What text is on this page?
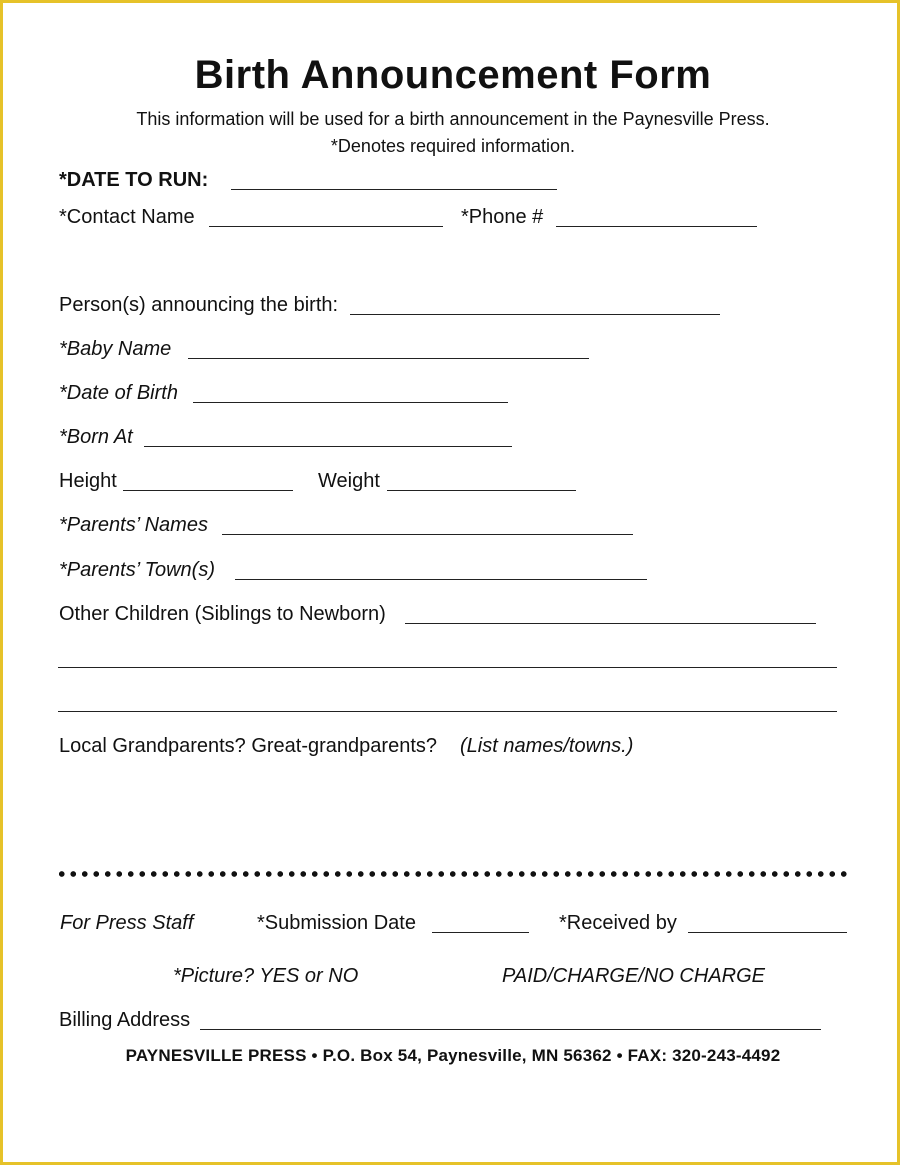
Birth Announcement Form
This information will be used for a birth announcement in the Paynesville Press.
*Denotes required information.
*DATE TO RUN:
*Contact Name	*Phone #
Person(s) announcing the birth:
*Baby Name
*Date of Birth
*Born At
Height	Weight
*Parents’ Names
*Parents’ Town(s)
Other Children (Siblings to Newborn)
Local Grandparents? Great-grandparents? (List names/towns.)
For Press Staff	*Submission Date	*Received by
*Picture? YES or NO	PAID/CHARGE/NO CHARGE
Billing Address
PAYNESVILLE PRESS • P.O. Box 54, Paynesville, MN 56362 • FAX: 320-243-4492
